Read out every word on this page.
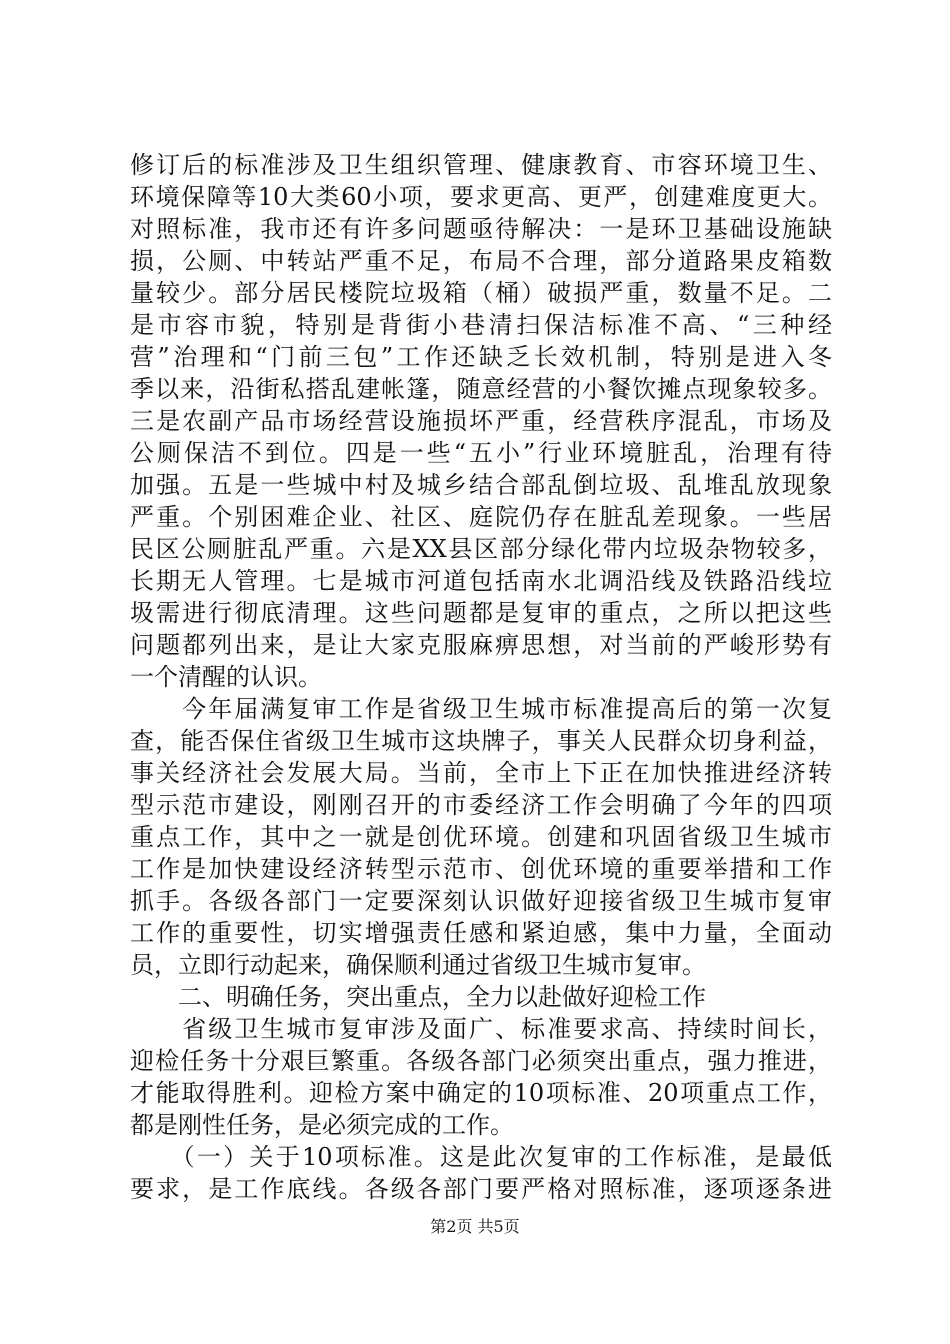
修订后的标准涉及卫生组织管理、健康教育、市容环境卫生、
环境保障等10大类60小项，要求更高、更严，创建难度更大。
对照标准，我市还有许多问题亟待解决：一是环卫基础设施缺
损，公厕、中转站严重不足，布局不合理，部分道路果皮箱数
量较少。部分居民楼院垃圾箱（桶）破损严重，数量不足。二
是市容市貌，特别是背街小巷清扫保洁标准不高、“三种经
营”治理和“门前三包”工作还缺乏长效机制，特别是进入冬
季以来，沿街私搭乱建帐篷，随意经营的小餐饮摊点现象较多。
三是农副产品市场经营设施损坏严重，经营秩序混乱，市场及
公厕保洁不到位。四是一些“五小”行业环境脏乱，治理有待
加强。五是一些城中村及城乡结合部乱倒垃圾、乱堆乱放现象
严重。个别困难企业、社区、庭院仍存在脏乱差现象。一些居
民区公厕脏乱严重。六是XX县区部分绿化带内垃圾杂物较多，
长期无人管理。七是城市河道包括南水北调沿线及铁路沿线垃
圾需进行彻底清理。这些问题都是复审的重点，之所以把这些
问题都列出来，是让大家克服麻痹思想，对当前的严峻形势有
一个清醒的认识。
　　今年届满复审工作是省级卫生城市标准提高后的第一次复
查，能否保住省级卫生城市这块牌子，事关人民群众切身利益，
事关经济社会发展大局。当前，全市上下正在加快推进经济转
型示范市建设，刚刚召开的市委经济工作会明确了今年的四项
重点工作，其中之一就是创优环境。创建和巩固省级卫生城市
工作是加快建设经济转型示范市、创优环境的重要举措和工作
抓手。各级各部门一定要深刻认识做好迎接省级卫生城市复审
工作的重要性，切实增强责任感和紧迫感，集中力量，全面动
员，立即行动起来，确保顺利通过省级卫生城市复审。
　　二、明确任务，突出重点，全力以赴做好迎检工作
　　省级卫生城市复审涉及面广、标准要求高、持续时间长，
迎检任务十分艰巨繁重。各级各部门必须突出重点，强力推进，
才能取得胜利。迎检方案中确定的10项标准、20项重点工作，
都是刚性任务，是必须完成的工作。
　　（一）关于10项标准。这是此次复审的工作标准，是最低
要求，是工作底线。各级各部门要严格对照标准，逐项逐条进
第2页 共5页
